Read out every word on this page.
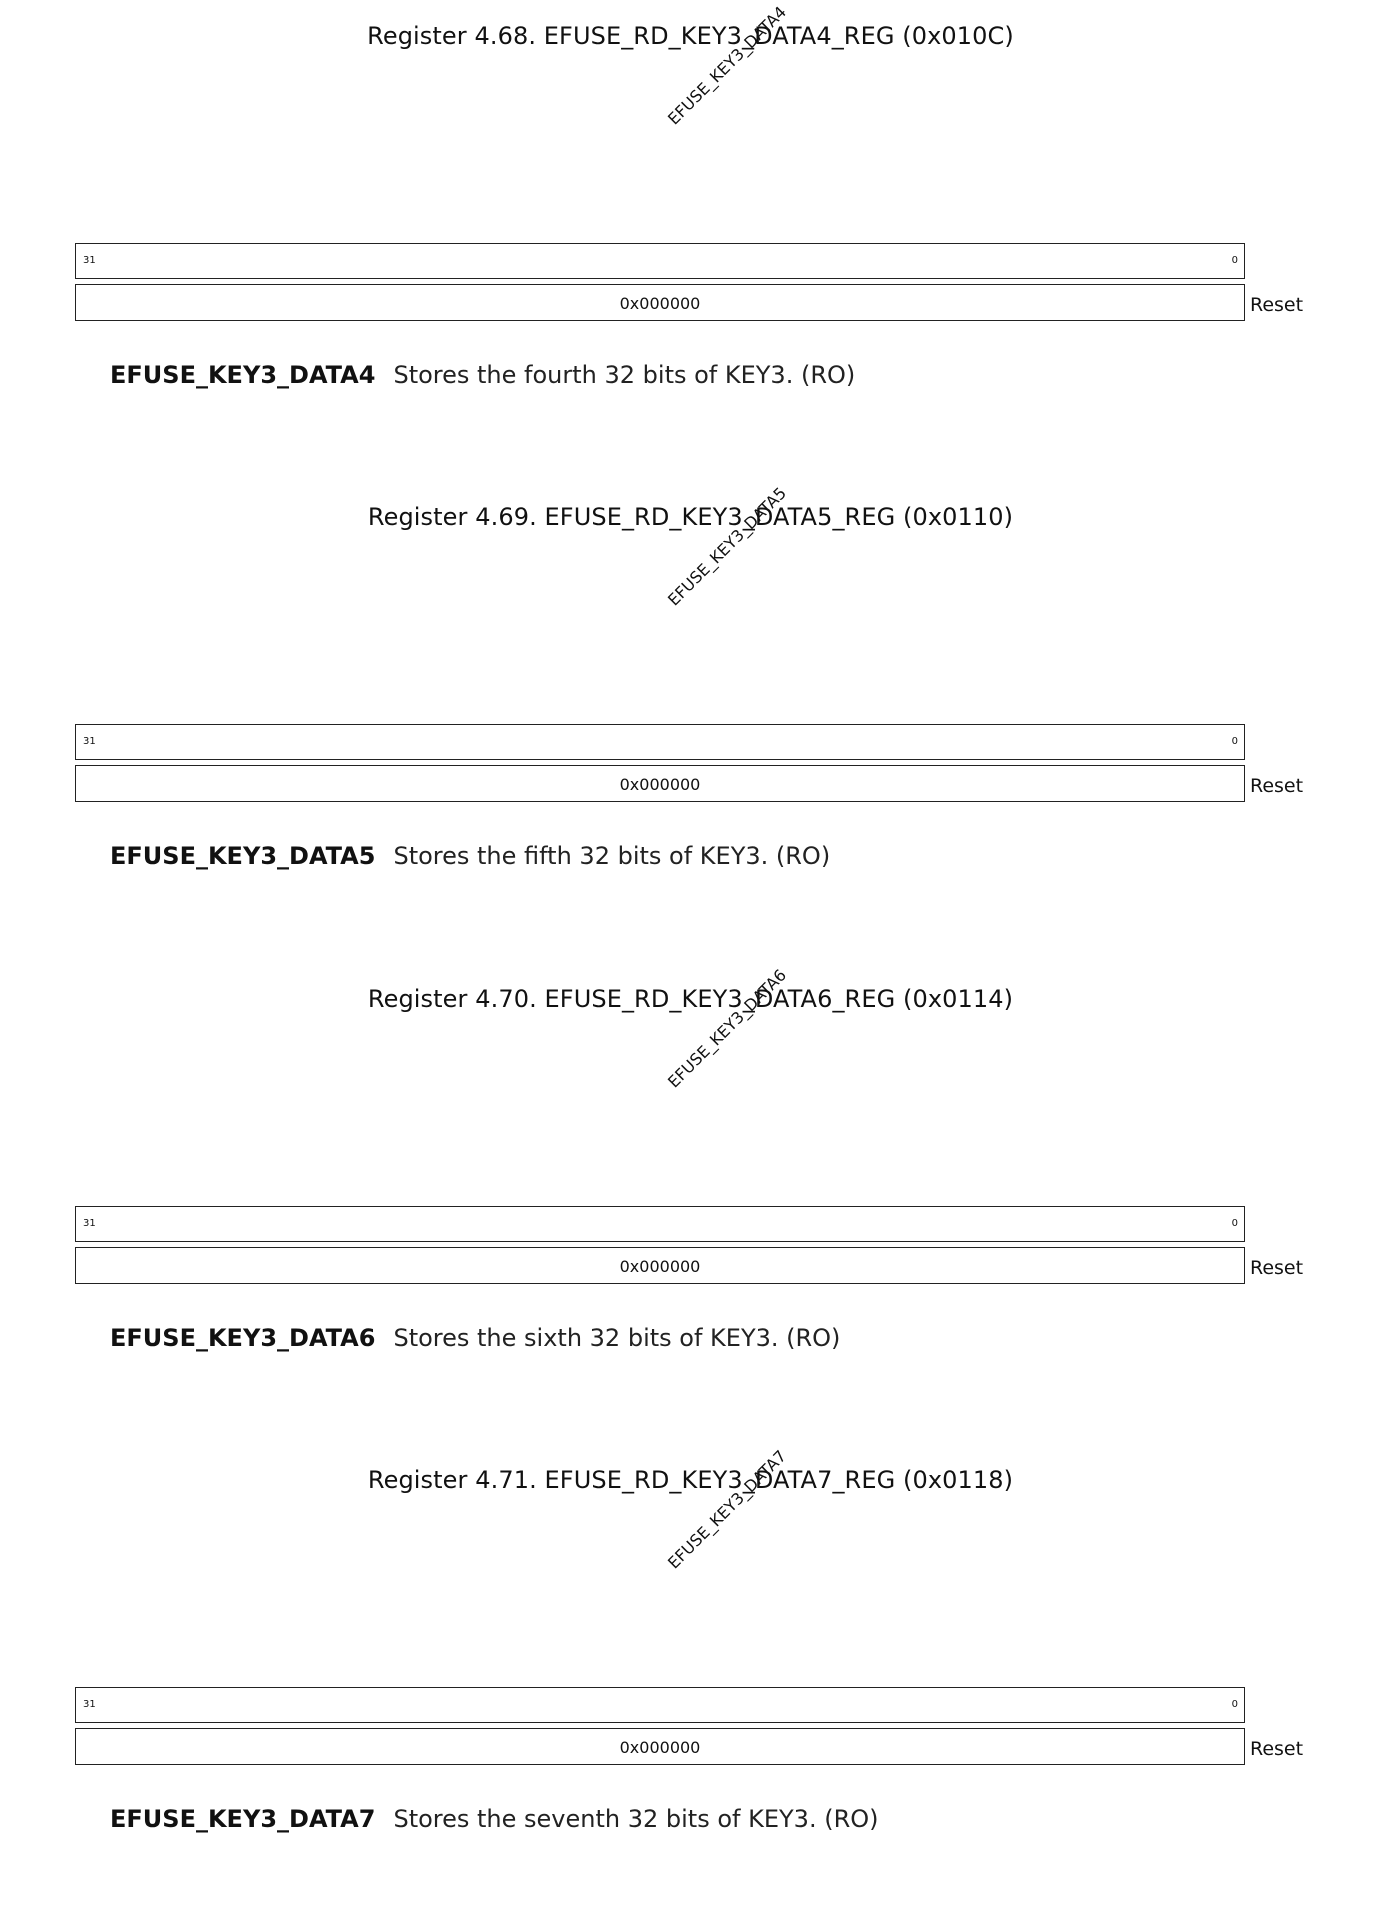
Register 4.68. EFUSE_RD_KEY3_DATA4_REG (0x010C)
EFUSE_KEY3_DATA4
31	0
0x000000	Reset
EFUSE_KEY3_DATA4 Stores the fourth 32 bits of KEY3. (RO)
Register 4.69. EFUSE_RD_KEY3_DATA5_REG (0x0110)
EFUSE_KEY3_DATA5
31	0
0x000000	Reset
EFUSE_KEY3_DATA5 Stores the fifth 32 bits of KEY3. (RO)
Register 4.70. EFUSE_RD_KEY3_DATA6_REG (0x0114)
EFUSE_KEY3_DATA6
31	0
0x000000	Reset
EFUSE_KEY3_DATA6 Stores the sixth 32 bits of KEY3. (RO)
Register 4.71. EFUSE_RD_KEY3_DATA7_REG (0x0118)
EFUSE_KEY3_DATA7
31	0
0x000000	Reset
EFUSE_KEY3_DATA7 Stores the seventh 32 bits of KEY3. (RO)
